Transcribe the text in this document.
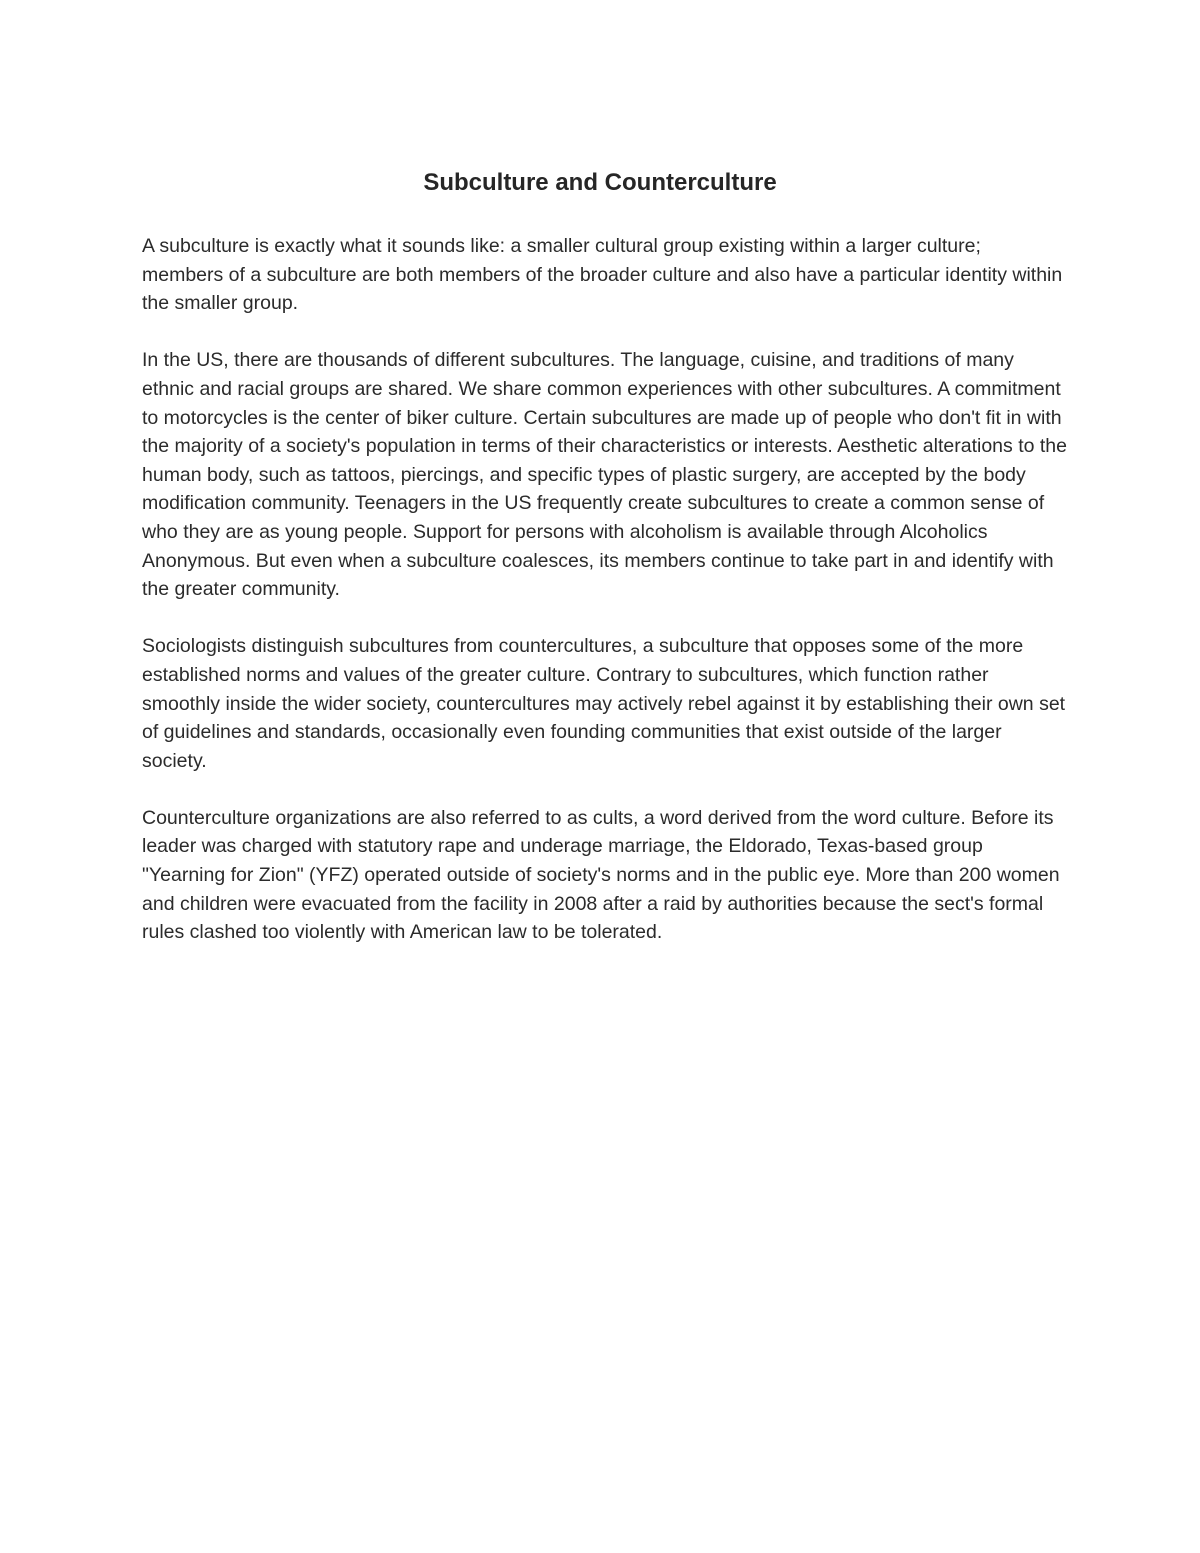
Subculture and Counterculture

A subculture is exactly what it sounds like: a smaller cultural group existing within a larger culture; members of a subculture are both members of the broader culture and also have a particular identity within the smaller group.

In the US, there are thousands of different subcultures. The language, cuisine, and traditions of many ethnic and racial groups are shared. We share common experiences with other subcultures. A commitment to motorcycles is the center of biker culture. Certain subcultures are made up of people who don't fit in with the majority of a society's population in terms of their characteristics or interests. Aesthetic alterations to the human body, such as tattoos, piercings, and specific types of plastic surgery, are accepted by the body modification community. Teenagers in the US frequently create subcultures to create a common sense of who they are as young people. Support for persons with alcoholism is available through Alcoholics Anonymous. But even when a subculture coalesces, its members continue to take part in and identify with the greater community.

Sociologists distinguish subcultures from countercultures, a subculture that opposes some of the more established norms and values of the greater culture. Contrary to subcultures, which function rather smoothly inside the wider society, countercultures may actively rebel against it by establishing their own set of guidelines and standards, occasionally even founding communities that exist outside of the larger society.

Counterculture organizations are also referred to as cults, a word derived from the word culture. Before its leader was charged with statutory rape and underage marriage, the Eldorado, Texas-based group "Yearning for Zion" (YFZ) operated outside of society's norms and in the public eye. More than 200 women and children were evacuated from the facility in 2008 after a raid by authorities because the sect's formal rules clashed too violently with American law to be tolerated.
